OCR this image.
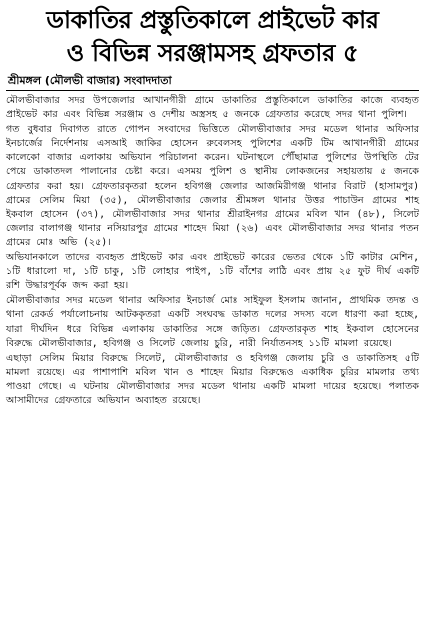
ডাকাতির প্রস্তুতিকালে প্রাইভেট কার
ও বিভিন্ন সরঞ্জামসহ গ্রফতার ৫
শ্রীমঙ্গল (মৌলভী বাজার) সংবাদদাতা

মৌলভীবাজার সদর উপজেলার আখানগীরী গ্রামে ডাকাতির প্রস্তুতিকালে ডাকাতির কাজে ব্যবহৃত প্রাইভেট কার এবং বিভিন্ন সরঞ্জাম ও দেশীয় অস্ত্রসহ ৫ জনকে গ্রেফতার করেছে সদর থানা পুলিশ।

গত বুধবার দিবাগত রাতে গোপন সংবাদের ভিত্তিতে মৌলভীবাজার সদর মডেল থানার অফিসার ইনচার্জের নির্দেশনায় এসআই জাকির হোসেন রুবেলসহ পুলিশের একটি টিম আখানগীরী গ্রামের কালেকো বাজার এলাকায় অভিযান পরিচালনা করেন। ঘটনাস্থলে পৌঁছামাত্র পুলিশের উপস্থিতি টের পেয়ে ডাকাতদল পালানোর চেষ্টা করে। এসময় পুলিশ ও স্থানীয় লোকজনের সহায়তায় ৫ জনকে গ্রেফতার করা হয়। গ্রেফতারকৃতরা হলেন হবিগঞ্জ জেলার আজমিরীগঞ্জ থানার বিরাট (হাসামপুর) গ্রামের সেলিম মিয়া (৩৫), মৌলভীবাজার জেলার শ্রীমঙ্গল থানার উত্তর পাচাউন গ্রামের শাহ ইকবাল হোসেন (৩৭), মৌলভীবাজার সদর থানার শ্রীরাইনগর গ্রামের মবিল খান (৪৮), সিলেট জেলার বালাগঞ্জ থানার নসিয়ারপুর গ্রামের শাহেদ মিয়া (২৬) এবং মৌলভীবাজার সদর থানার পতন গ্রামের মোঃ অভি (২৫)।

অভিযানকালে তাদের ব্যবহৃত প্রাইভেট কার এবং প্রাইভেট কারের ভেতর থেকে ১টি কাটার মেশিন, ১টি ধারালো দা, ১টি চাকু, ১টি লোহার পাইপ, ১টি বাঁশের লাঠি এবং প্রায় ২৫ ফুট দীর্ঘ একটি রশি উদ্ধারপূর্বক জব্দ করা হয়।

মৌলভীবাজার সদর মডেল থানার অফিসার ইনচার্জ মোঃ সাইফুল ইসলাম জানান, প্রাথমিক তদন্ত ও থানা রেকর্ড পর্যালোচনায় আটককৃতরা একটি সংঘবদ্ধ ডাকাত দলের সদস্য বলে ধারণা করা হচ্ছে, যারা দীর্ঘদিন ধরে বিভিন্ন এলাকায় ডাকাতির সঙ্গে জড়িত। গ্রেফতারকৃত শাহ ইকবাল হোসেনের বিরুদ্ধে মৌলভীবাজার, হবিগঞ্জ ও সিলেট জেলায় চুরি, নারী নির্যাতনসহ ১১টি মামলা রয়েছে।

এছাড়া সেলিম মিয়ার বিরুদ্ধে সিলেট, মৌলভীবাজার ও হবিগঞ্জ জেলায় চুরি ও ডাকাতিসহ ৫টি মামলা রয়েছে। এর পাশাপাশি মবিল খান ও শাহেদ মিয়ার বিরুদ্ধেও একাধিক চুরির মামলার তথ্য পাওয়া গেছে। এ ঘটনায় মৌলভীবাজার সদর মডেল থানায় একটি মামলা দায়ের হয়েছে। পলাতক আসামীদের গ্রেফতারে অভিযান অব্যাহত রয়েছে।
